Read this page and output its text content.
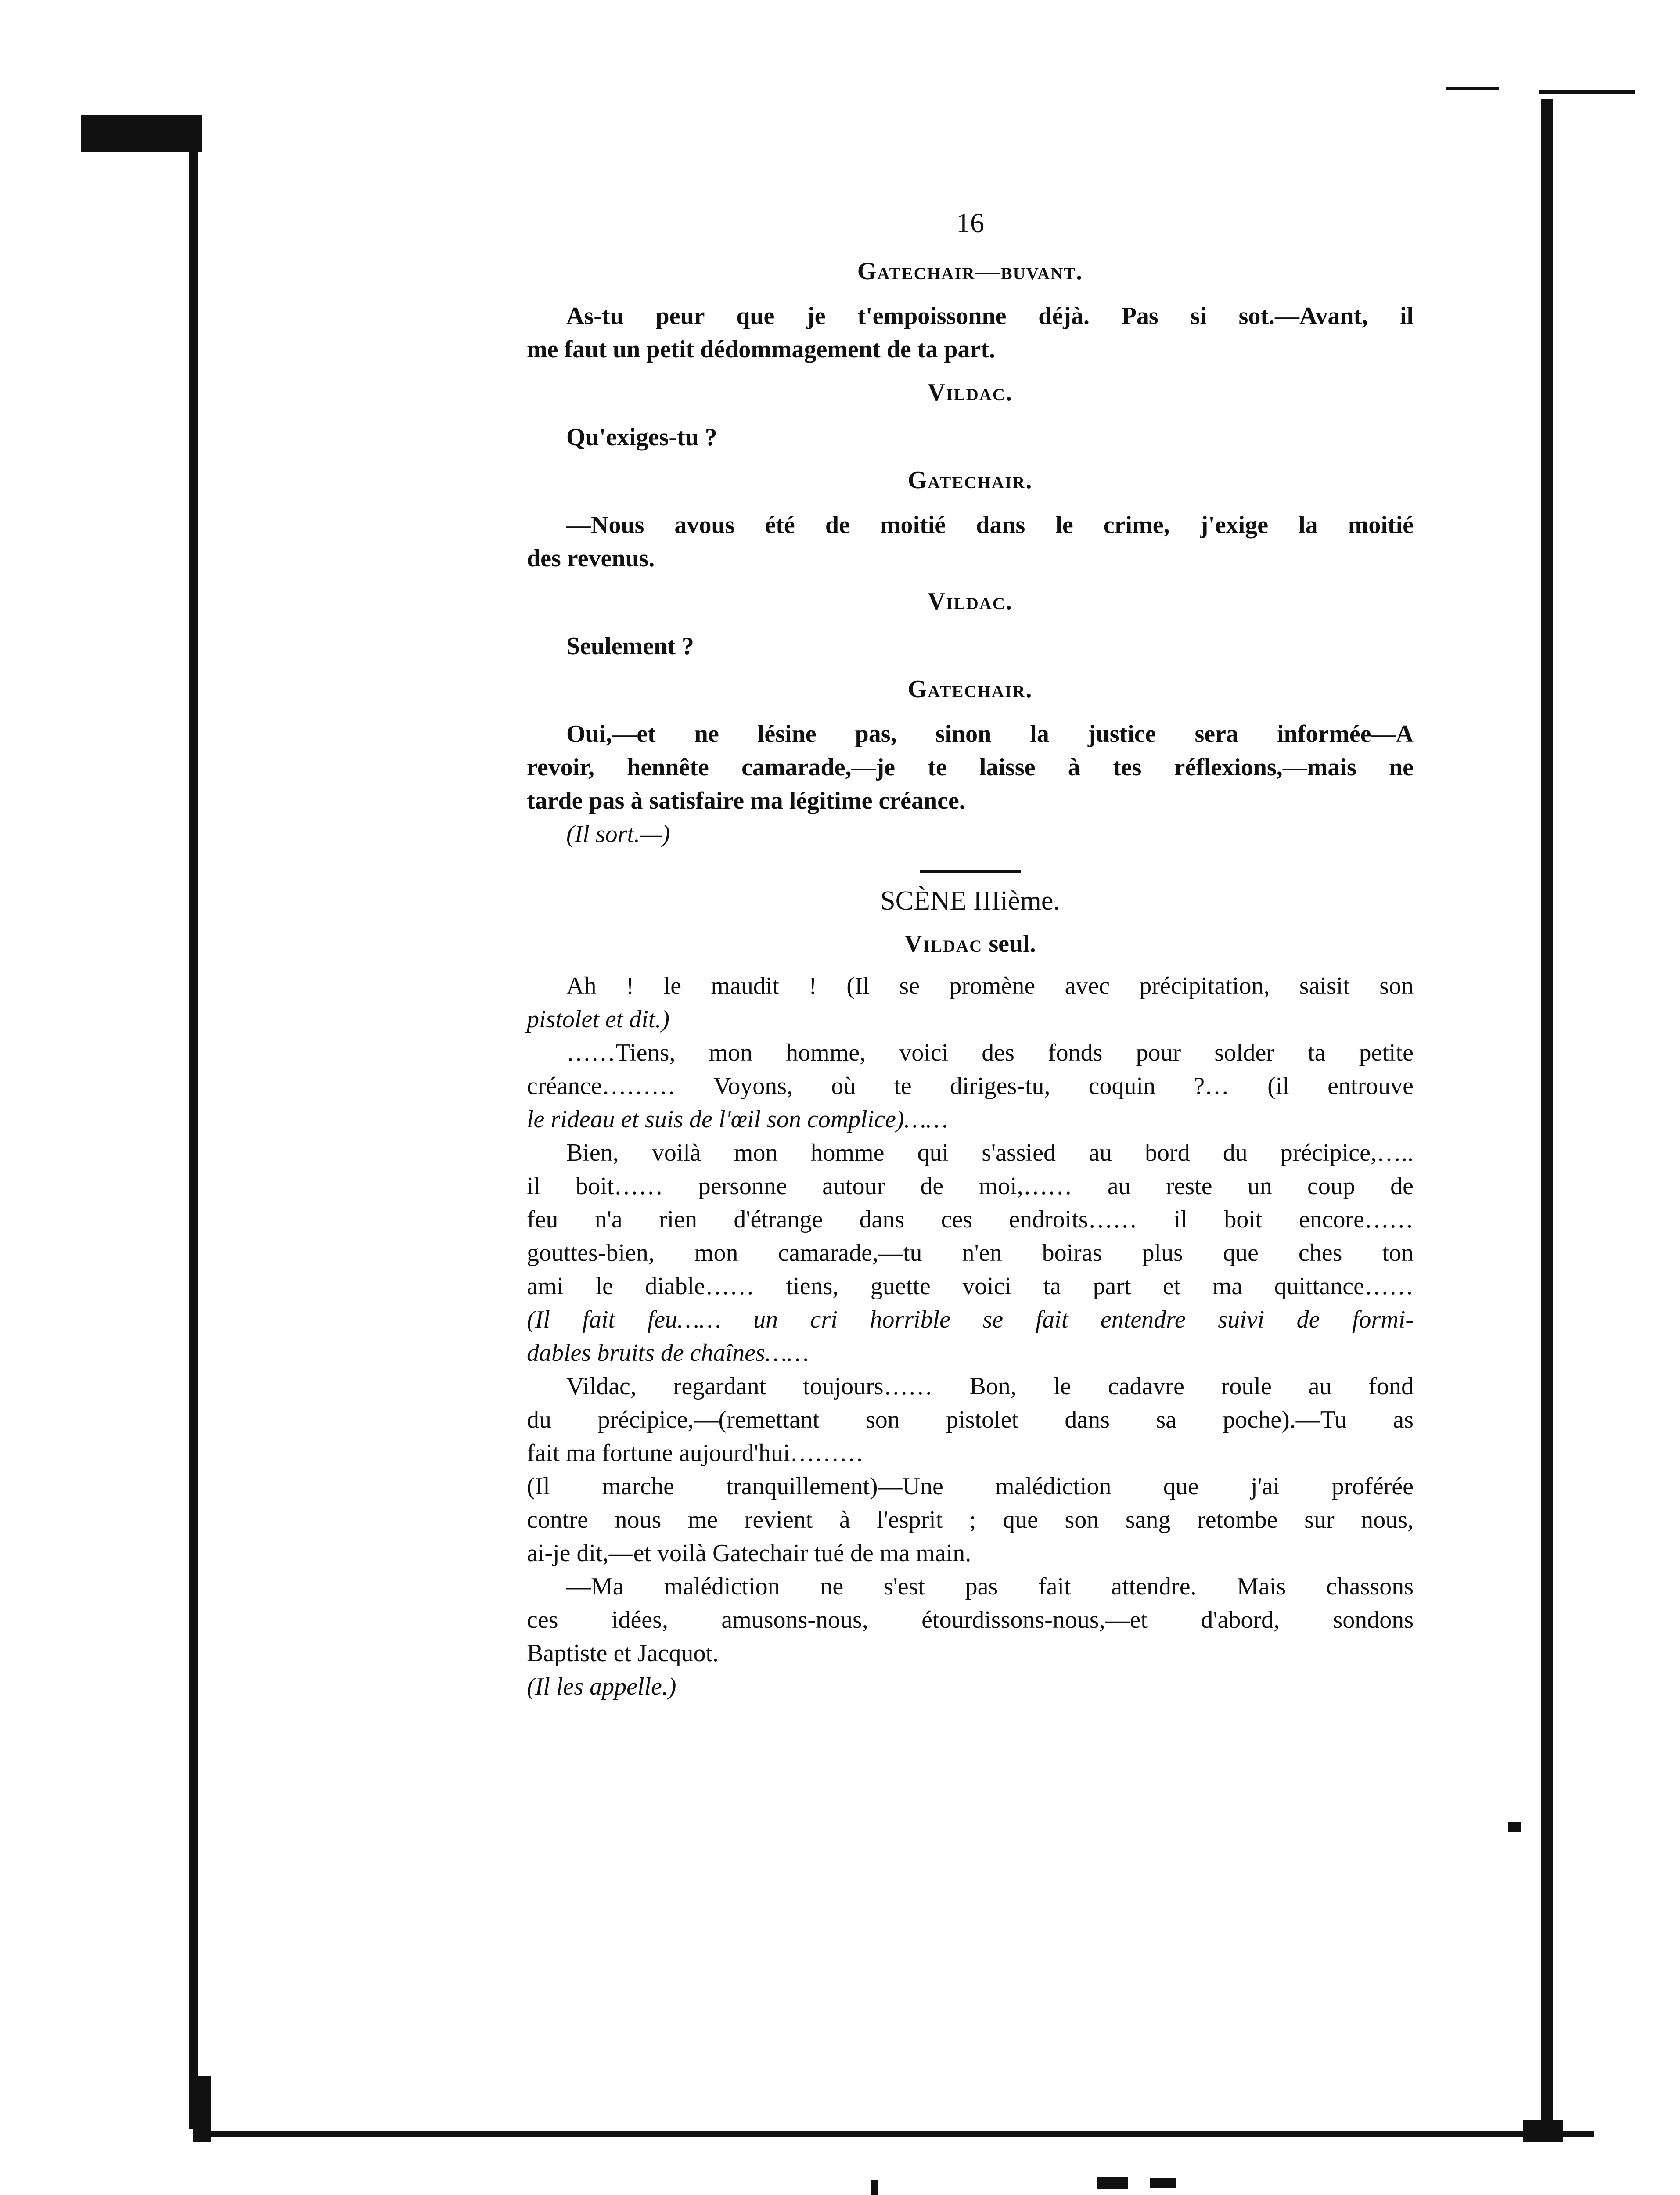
16
Gatechair—buvant.
As-tu peur que je t'empoissonne déjà. Pas si sot.—Avant, il
me faut un petit dédommagement de ta part.
Vildac.
Qu'exiges-tu ?
Gatechair.
—Nous avous été de moitié dans le crime, j'exige la moitié
des revenus.
Vildac.
Seulement ?
Gatechair.
Oui,—et ne lésine pas, sinon la justice sera informée—A
revoir, hennête camarade,—je te laisse à tes réflexions,—mais ne
tarde pas à satisfaire ma légitime créance.
(Il sort.—)
SCÈNE IIIième.
Vildac seul.
Ah ! le maudit ! (Il se promène avec précipitation, saisit son
pistolet et dit.)
……Tiens, mon homme, voici des fonds pour solder ta petite
créance……… Voyons, où te diriges-tu, coquin ?… (il entrouve
le rideau et suis de l'œil son complice)……
Bien, voilà mon homme qui s'assied au bord du précipice,…..
il boit…… personne autour de moi,…… au reste un coup de
feu n'a rien d'étrange dans ces endroits…… il boit encore……
gouttes-bien, mon camarade,—tu n'en boiras plus que ches ton
ami le diable…… tiens, guette voici ta part et ma quittance……
(Il fait feu…… un cri horrible se fait entendre suivi de formi-
dables bruits de chaînes……
Vildac, regardant toujours…… Bon, le cadavre roule au fond
du précipice,—(remettant son pistolet dans sa poche).—Tu as
fait ma fortune aujourd'hui………
(Il marche tranquillement)—Une malédiction que j'ai proférée
contre nous me revient à l'esprit ; que son sang retombe sur nous,
ai-je dit,—et voilà Gatechair tué de ma main.
—Ma malédiction ne s'est pas fait attendre. Mais chassons
ces idées, amusons-nous, étourdissons-nous,—et d'abord, sondons
Baptiste et Jacquot.
(Il les appelle.)
